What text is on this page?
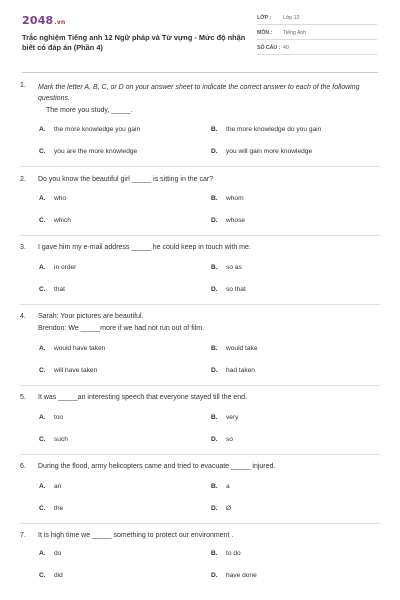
2048.vn
Trắc nghiệm Tiếng anh 12 Ngữ pháp và Từ vựng - Mức độ nhận biết có đáp án (Phần 4)
LỚP : Lớp 12
MÔN : Tiếng Anh
SỐ CÂU : 40
1.	Mark the letter A, B, C, or D on your answer sheet to indicate the correct answer to each of the following questions.
The more you study, _____.
A. the more knowledge you gain	B. the more knowledge do you gain
C. you are the more knowledge	D. you will gain more knowledge
2.	Do you know the beautiful girl _____ is sitting in the car?
A. who	B. whom
C. which	D. whose
3.	I gave him my e-mail address _____ he could keep in touch with me.
A. in order	B. so as
C. that	D. so that
4.	Sarah: Your pictures are beautiful.
Brendon: We _____more if we had not run out of film.
A. would have taken	B. would take
C. will have taken	D. had taken
5.	It was _____an interesting speech that everyone stayed till the end.
A. too	B. very
C. such	D. so
6.	During the flood, army helicopters came and tried to evacuate _____ injured.
A. an	B. a
C. the	D. Ø
7.	It is high time we _____ something to protect our environment .
A. do	B. to do
C. did	D. have done
